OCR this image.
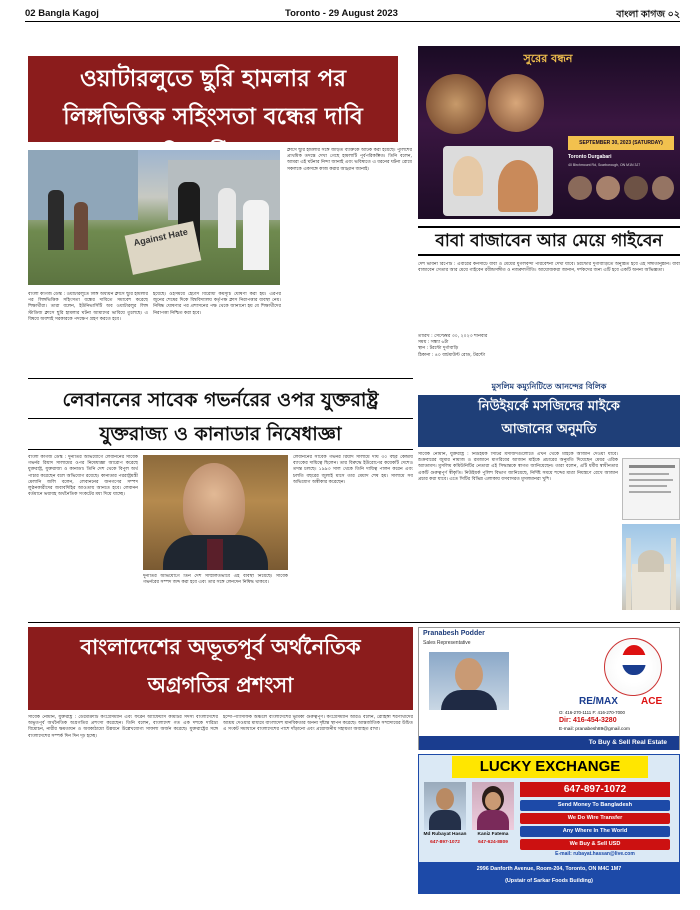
02 Bangla Kagoj	Toronto - 29 August 2023	বাংলা কাগজ ০২
ওয়াটারলুতে ছুরি হামলার পর লিঙ্গভিত্তিক সহিংসতা বন্ধের দাবি
Against Hate
বাংলা কাগজ ডেস্ক : ওয়াটারলুতে লিঙ্গ অধ্যয়ন ক্লাসে ছুরি হামলার পর লিঙ্গভিত্তিক সহিংসতা বন্ধের দাবিতে সমাবেশ করেছে শিক্ষার্থীরা। তারা বলেন, ইউনিভার্সিটি অব ওয়াটারলুর লিঙ্গ স্টাডিজ ক্লাসে ছুরি হামলার ঘটনা আমাদের ভাবিয়ে তুলেছে। এ বিষয়ে অবশ্যই সরকারকে পদক্ষেপ গ্রহণ করতে হবে।
হয়েছে। ওইসময়ে হেটার্স বিরোধী কর্মসূচি ঘোষণা করা হয়। এরপর জুনের শেষের দিকে বিশ্ববিদ্যালয় কর্তৃপক্ষ ক্লাস নিরাপত্তার ব্যবস্থা নেয়। নিষিদ্ধ ঘোষণার পর প্রশাসনের পক্ষ থেকে জানানো হয় যে শিক্ষার্থীদের নিরাপত্তা নিশ্চিত করা হবে।
ক্লাসে ছুরি হামলার সঙ্গে জড়িত ব্যক্তিকে আটক করা হয়েছে। পুলিশের প্রাথমিক তদন্তে দেখা গেছে হামলাটি পূর্বপরিকল্পিত। তিনি বলেন, আমরা এই ঘটনার নিন্দা জানাই এবং ভবিষ্যতে এ ধরনের ঘটনা রোধে সকলকে একসঙ্গে কাজ করার আহ্বান জানাই।
সুরের বন্ধন
SEPTEMBER 30, 2023 (SATURDAY)
Toronto Durgabari
40 Birchmount Rd, Scarborough, ON M1N 3J7
বাবা বাজাবেন আর মেয়ে গাইবেন
দেশ ভাবনা রিপোর্ট : এবারের কনসার্টে বাবা ও মেয়ের যুগলবন্দী পরিবেশনা দেখা যাবে। টরন্টোর দুর্গাবাড়িতে অনুষ্ঠিত হবে এই সঙ্গীতানুষ্ঠান। বাবা বাজাবেন সেতার আর মেয়ে গাইবেন রবীন্দ্রসঙ্গীত ও নজরুলগীতি। আয়োজকরা জানান, দর্শকদের জন্য এটি হবে একটি অনন্য অভিজ্ঞতা।
তারিখ : সেপ্টেম্বর ৩০, ২০২৩ শনিবার
সময় : সন্ধ্যা ৬টা
স্থান : টরন্টো দুর্গাবাড়ি
ঠিকানা : ৪০ বার্চমাউন্ট রোড, টরন্টো
লেবাননের সাবেক গভর্নরের ওপর যুক্তরাষ্ট্র
যুক্তরাজ্য ও কানাডার নিষেধাজ্ঞা
বাংলা কাগজ ডেস্ক : দুর্নীতির অভিযোগে লেবাননের সাবেক গভর্নর রিয়াদ সালামের ওপর নিষেধাজ্ঞা আরোপ করেছে যুক্তরাষ্ট্র, যুক্তরাজ্য ও কানাডা। তিনি দেশ থেকে বিপুল অর্থ পাচার করেছেন বলে অভিযোগ রয়েছে। কানাডার পররাষ্ট্রমন্ত্রী মেলানি জলি বলেন, লেবাননের জনগণের সম্পদ লুণ্ঠনকারীদের জবাবদিহির আওতায় আনতে হবে। লেবানন বর্তমানে ভয়াবহ অর্থনৈতিক সংকটের মধ্য দিয়ে যাচ্ছে।
দুর্নীতির অভিযোগে তিন দেশ সম্মিলিতভাবে এই ব্যবস্থা নিয়েছে। সাবেক গভর্নরের সম্পদ জব্দ করা হবে এবং তার সঙ্গে লেনদেন নিষিদ্ধ থাকবে।
লেবাননের সাবেক গভর্নর রিয়াদ সালামে দীর্ঘ ৩০ বছর কেন্দ্রীয় ব্যাংকের দায়িত্বে ছিলেন। তার বিরুদ্ধে ইউরোপের কয়েকটি দেশেও তদন্ত চলছে। ১৯৯৩ সাল থেকে তিনি দায়িত্ব পালন করেন এবং চলতি বছরের জুলাই মাসে তার মেয়াদ শেষ হয়। সালামে সব অভিযোগ অস্বীকার করেছেন।
মুসলিম কম্যুনিটিতে আনন্দের বিলিক
নিউইয়র্কে মসজিদের মাইকে
আজানের অনুমতি
সাবেক নোমান, যুক্তরাষ্ট্র : নিউইয়র্ক সিটির মসজিদগুলোতে এখন থেকে মাইকে আজান দেওয়া যাবে। শুক্রবারের জুমার নামাজ ও রমজানে মাগরিবের আজান মাইকে প্রচারের অনুমতি দিয়েছেন মেয়র এরিক অ্যাডামস। মুসলিম কমিউনিটির নেতারা এই সিদ্ধান্তকে স্বাগত জানিয়েছেন। তারা বলেন, এটি ধর্মীয় স্বাধীনতার একটি গুরুত্বপূর্ণ স্বীকৃতি। নিউইয়র্ক পুলিশ বিভাগ জানিয়েছে, নির্দিষ্ট সময়ে শব্দের মাত্রা নিয়ন্ত্রণে রেখে আজান প্রচার করা যাবে। এতে সিটির বিভিন্ন এলাকায় বসবাসরত মুসলমানরা খুশি।
বাংলাদেশের অভূতপূর্ব অর্থনৈতিক
অগ্রগতির প্রশংসা
সাবেক নোমান, যুক্তরাষ্ট্র : ডেমোক্র্যাট কংগ্রেসম্যান এবং ফরেন অ্যাফেয়ার্স কমিটির সদস্য বাংলাদেশের অভূতপূর্ব অর্থনৈতিক অগ্রগতির প্রশংসা করেছেন। তিনি বলেন, বাংলাদেশ গত এক দশকে দারিদ্র্য বিমোচন, নারীর ক্ষমতায়ন ও অবকাঠামো উন্নয়নে উল্লেখযোগ্য সাফল্য অর্জন করেছে। যুক্তরাষ্ট্রের সঙ্গে বাংলাদেশের সম্পর্ক দিন দিন দৃঢ় হচ্ছে।
ইন্দো-প্যাসিফিক অঞ্চলে বাংলাদেশের ভূমিকা গুরুত্বপূর্ণ। কংগ্রেসম্যান আরও বলেন, রোহিঙ্গা শরণার্থীদের আশ্রয় দেওয়ার মাধ্যমে বাংলাদেশ মানবিকতার অনন্য দৃষ্টান্ত স্থাপন করেছে। আন্তর্জাতিক সম্প্রদায়ের উচিত এ সংকট সমাধানে বাংলাদেশের পাশে দাঁড়ানো এবং প্রয়োজনীয় সহায়তা অব্যাহত রাখা।
Pranabesh Podder
Sales Representative
RE/MAX	ACE
O: 416-270-1111 F: 416-270-7000
Dir: 416-454-3280
E-mail: pranabesh89@gmail.com
To Buy & Sell Real Estate
LUCKY EXCHANGE
647-897-1072
Send Money To Bangladesh
We Do Wire Transfer
Any Where In The World
We Buy & Sell USD
E-mail: rubayat.hassan@live.com
Md Rubayat Hasan
647-897-1072
Kaniz Fatema
647-624-8809
2996 Danforth Avenue, Room-204, Toronto, ON M4C 1M7
(Upstair of Sarkar Foods Building)
